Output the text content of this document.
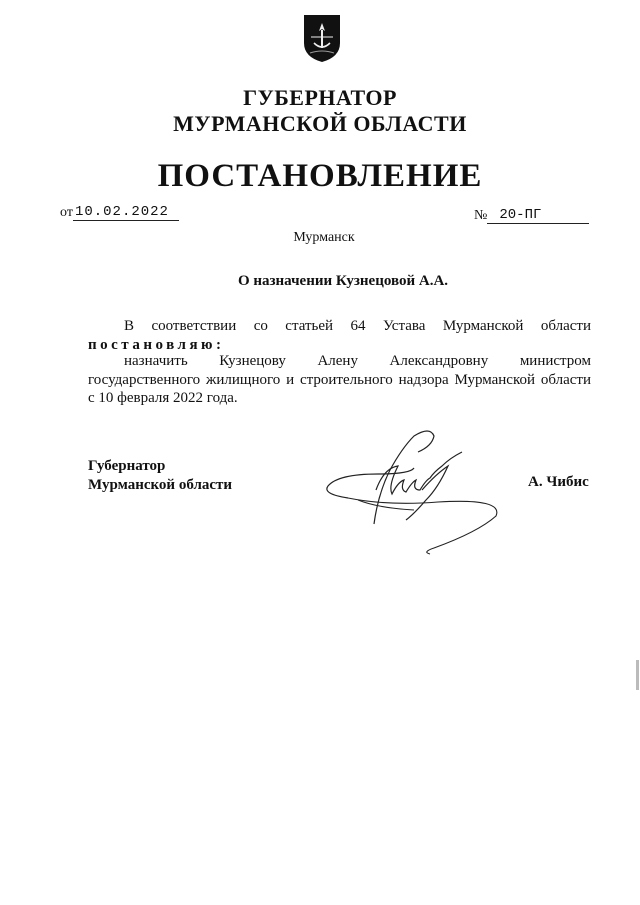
ГУБЕРНАТОР
МУРМАНСКОЙ ОБЛАСТИ
ПОСТАНОВЛЕНИЕ
от 10.02.2022	№ 20-ПГ
Мурманск
О назначении Кузнецовой А.А.
В соответствии со статьей 64 Устава Мурманской области
постановляю:
назначить Кузнецову Алену Александровну министром
государственного жилищного и строительного надзора Мурманской области
с 10 февраля 2022 года.
Губернатор
Мурманской области	А. Чибис
